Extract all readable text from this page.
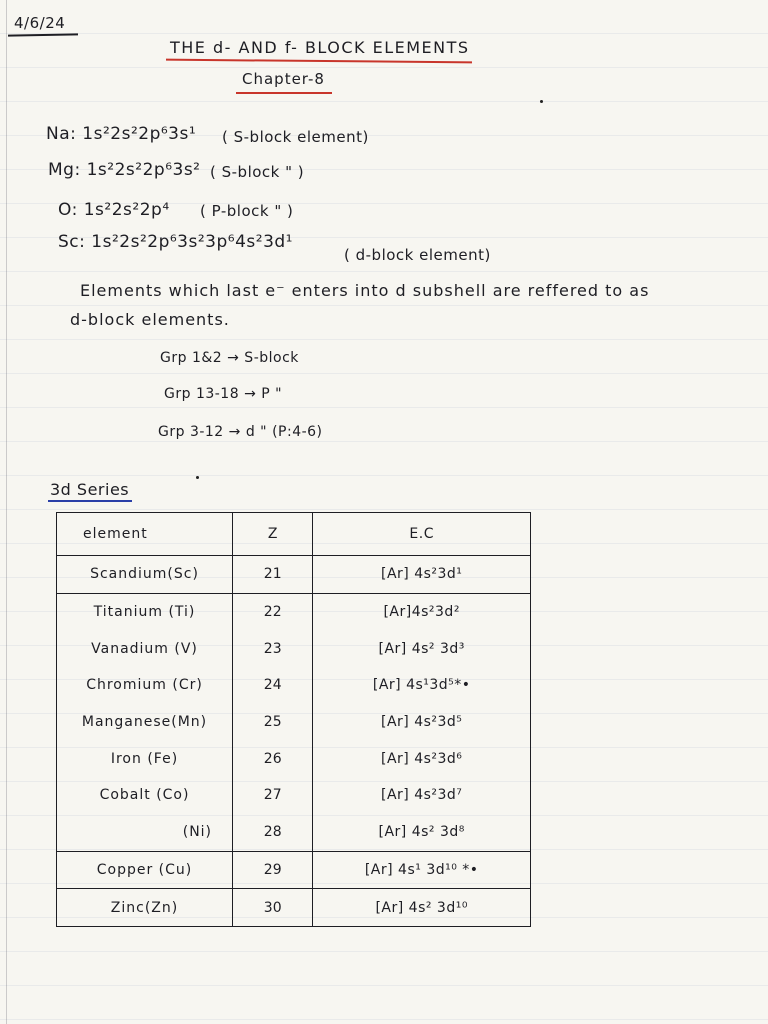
4/6/24
THE d- AND f- BLOCK ELEMENTS
Chapter-8
Na: 1s²2s²2p⁶3s¹ ( S-block element)
Mg: 1s²2s²2p⁶3s² ( S-block " )
O: 1s²2s²2p⁴ ( P-block " )
Sc: 1s²2s²2p⁶3s²3p⁶4s²3d¹
( d-block element)
Elements which last e⁻ enters into d subshell are reffered to as
d-block elements.
Grp 1&2 → S-block
Grp 13-18 → P "
Grp 3-12 → d " (P:4-6)
3d Series
element	Z	E.C
Scandium(Sc)	21	[Ar] 4s²3d¹
Titanium (Ti)	22	[Ar]4s²3d²
Vanadium (V)	23	[Ar] 4s² 3d³
Chromium (Cr)	24	[Ar] 4s¹3d⁵*•
Manganese(Mn)	25	[Ar] 4s²3d⁵
Iron (Fe)	26	[Ar] 4s²3d⁶
Cobalt (Co)	27	[Ar] 4s²3d⁷
(Ni)	28	[Ar] 4s² 3d⁸
Copper (Cu)	29	[Ar] 4s¹ 3d¹⁰ *•
Zinc(Zn)	30	[Ar] 4s² 3d¹⁰
